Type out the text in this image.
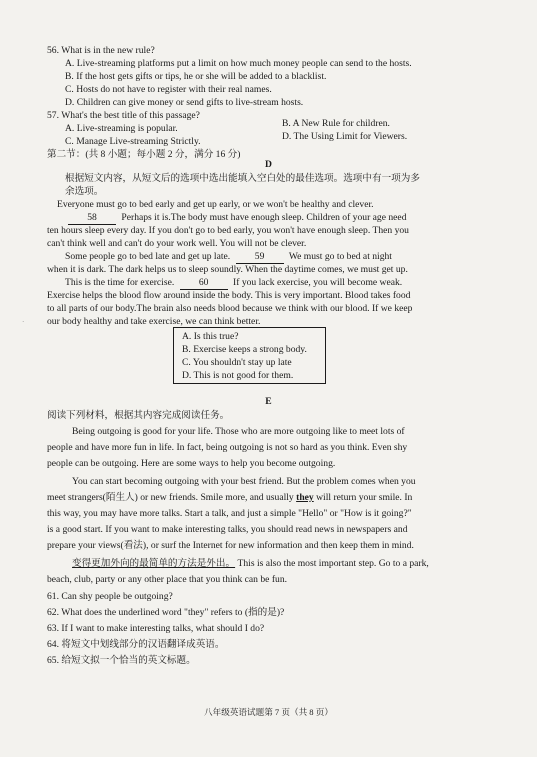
56. What is in the new rule?
A. Live-streaming platforms put a limit on how much money people can send to the hosts.
B. If the host gets gifts or tips, he or she will be added to a blacklist.
C. Hosts do not have to register with their real names.
D. Children can give money or send gifts to live-stream hosts.
57. What's the best title of this passage?
A. Live-streaming is popular.	B. A New Rule for children.
C. Manage Live-streaming Strictly.	D. The Using Limit for Viewers.
第二节：(共 8 小题；每小题 2 分，满分 16 分)
D
根据短文内容，从短文后的选项中选出能填入空白处的最佳选项。选项中有一项为多
余选项。
Everyone must go to bed early and get up early, or we won't be healthy and clever.
58	Perhaps it is.The body must have enough sleep. Children of your age need
ten hours sleep every day. If you don't go to bed early, you won't have enough sleep. Then you
can't think well and can't do your work well. You will not be clever.
Some people go to bed late and get up late.	59	We must go to bed at night
when it is dark. The dark helps us to sleep soundly. When the daytime comes, we must get up.
This is the time for exercise.	60	If you lack exercise, you will become weak.
Exercise helps the blood flow around inside the body. This is very important. Blood takes food
to all parts of our body.The brain also needs blood because we think with our blood. If we keep
our body healthy and take exercise, we can think better.
A. Is this true?
B. Exercise keeps a strong body.
C. You shouldn't stay up late
D. This is not good for them.
E
阅读下列材料，根据其内容完成阅读任务。
Being outgoing is good for your life. Those who are more outgoing like to meet lots of
people and have more fun in life. In fact, being outgoing is not so hard as you think. Even shy
people can be outgoing. Here are some ways to help you become outgoing.
You can start becoming outgoing with your best friend. But the problem comes when you
meet strangers(陌生人) or new friends. Smile more, and usually they will return your smile. In
this way, you may have more talks. Start a talk, and just a simple "Hello" or "How is it going?"
is a good start. If you want to make interesting talks, you should read news in newspapers and
prepare your views(看法), or surf the Internet for new information and then keep them in mind.
变得更加外向的最简单的方法是外出。 This is also the most important step. Go to a park,
beach, club, party or any other place that you think can be fun.
61. Can shy people be outgoing?
62. What does the underlined word "they" refers to (指的是)?
63. If I want to make interesting talks, what should I do?
64. 将短文中划线部分的汉语翻译成英语。
65. 给短文拟一个恰当的英文标题。
八年级英语试题第 7 页（共 8 页）
·
